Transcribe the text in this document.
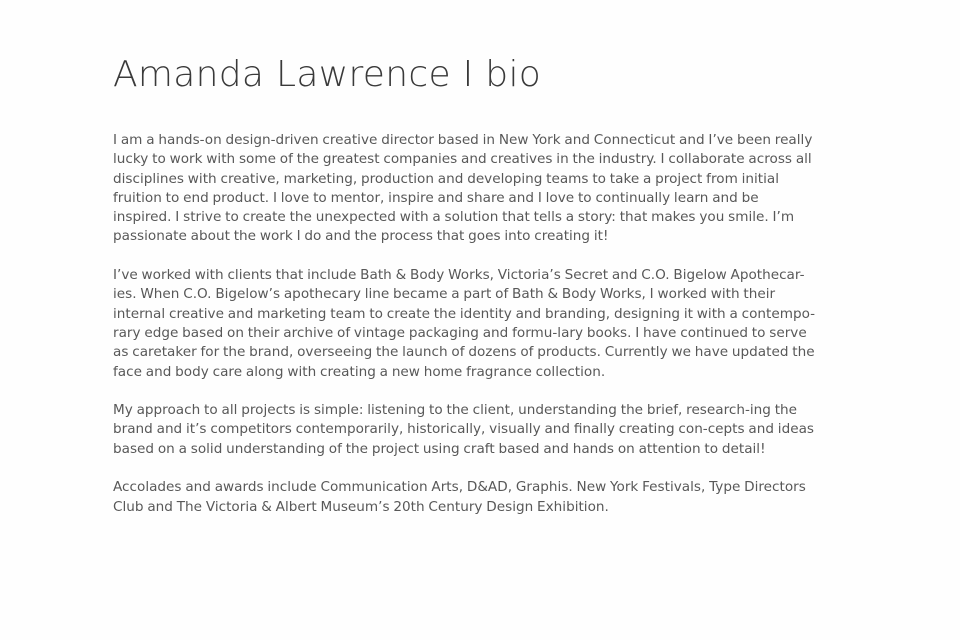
Amanda Lawrence I bio

I am a hands-on design-driven creative director based in New York and Connecticut and I’ve been really
lucky to work with some of the greatest companies and creatives in the industry. I collaborate across all
disciplines with creative, marketing, production and developing teams to take a project from initial
fruition to end product. I love to mentor, inspire and share and I love to continually learn and be
inspired. I strive to create the unexpected with a solution that tells a story: that makes you smile. I’m
passionate about the work I do and the process that goes into creating it!

I’ve worked with clients that include Bath & Body Works, Victoria’s Secret and C.O. Bigelow Apothecar-
ies. When C.O. Bigelow’s apothecary line became a part of Bath & Body Works, I worked with their
internal creative and marketing team to create the identity and branding, designing it with a contempo-
rary edge based on their archive of vintage packaging and formu-lary books. I have continued to serve
as caretaker for the brand, overseeing the launch of dozens of products. Currently we have updated the
face and body care along with creating a new home fragrance collection.

My approach to all projects is simple: listening to the client, understanding the brief, research-ing the
brand and it’s competitors contemporarily, historically, visually and finally creating con-cepts and ideas
based on a solid understanding of the project using craft based and hands on attention to detail!

Accolades and awards include Communication Arts, D&AD, Graphis. New York Festivals, Type Directors
Club and The Victoria & Albert Museum’s 20th Century Design Exhibition.
